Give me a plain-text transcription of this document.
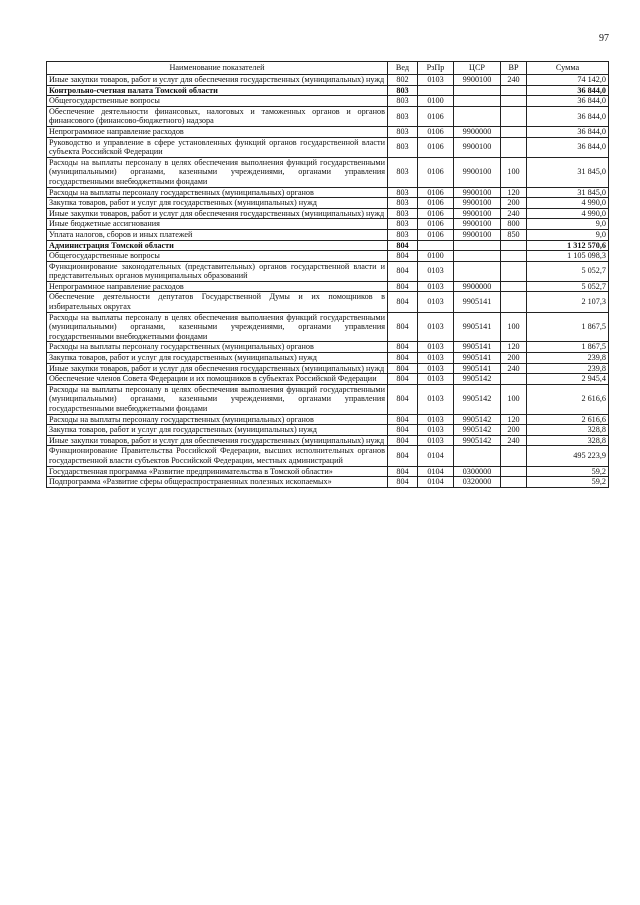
97
Наименование показателей	Вед	РзПр	ЦСР	ВР	Сумма
Иные закупки товаров, работ и услуг для обеспечения государственных (муниципальных) нужд	802	0103	9900100	240	74 142,0
Контрольно-счетная палата Томской области	803				36 844,0
Общегосударственные вопросы	803	0100			36 844,0
Обеспечение деятельности финансовых, налоговых и таможенных органов и органов финансового (финансово-бюджетного) надзора	803	0106			36 844,0
Непрограммное направление расходов	803	0106	9900000		36 844,0
Руководство и управление в сфере установленных функций органов государственной власти субъекта Российской Федерации	803	0106	9900100		36 844,0
Расходы на выплаты персоналу в целях обеспечения выполнения функций государственными (муниципальными) органами, казенными учреждениями, органами управления государственными внебюджетными фондами	803	0106	9900100	100	31 845,0
Расходы на выплаты персоналу государственных (муниципальных) органов	803	0106	9900100	120	31 845,0
Закупка товаров, работ и услуг для государственных (муниципальных) нужд	803	0106	9900100	200	4 990,0
Иные закупки товаров, работ и услуг для обеспечения государственных (муниципальных) нужд	803	0106	9900100	240	4 990,0
Иные бюджетные ассигнования	803	0106	9900100	800	9,0
Уплата налогов, сборов и иных платежей	803	0106	9900100	850	9,0
Администрация Томской области	804				1 312 570,6
Общегосударственные вопросы	804	0100			1 105 098,3
Функционирование законодательных (представительных) органов государственной власти и представительных органов муниципальных образований	804	0103			5 052,7
Непрограммное направление расходов	804	0103	9900000		5 052,7
Обеспечение деятельности депутатов Государственной Думы и их помощников в избирательных округах	804	0103	9905141		2 107,3
Расходы на выплаты персоналу в целях обеспечения выполнения функций государственными (муниципальными) органами, казенными учреждениями, органами управления государственными внебюджетными фондами	804	0103	9905141	100	1 867,5
Расходы на выплаты персоналу государственных (муниципальных) органов	804	0103	9905141	120	1 867,5
Закупка товаров, работ и услуг для государственных (муниципальных) нужд	804	0103	9905141	200	239,8
Иные закупки товаров, работ и услуг для обеспечения государственных (муниципальных) нужд	804	0103	9905141	240	239,8
Обеспечение членов Совета Федерации и их помощников в субъектах Российской Федерации	804	0103	9905142		2 945,4
Расходы на выплаты персоналу в целях обеспечения выполнения функций государственными (муниципальными) органами, казенными учреждениями, органами управления государственными внебюджетными фондами	804	0103	9905142	100	2 616,6
Расходы на выплаты персоналу государственных (муниципальных) органов	804	0103	9905142	120	2 616,6
Закупка товаров, работ и услуг для государственных (муниципальных) нужд	804	0103	9905142	200	328,8
Иные закупки товаров, работ и услуг для обеспечения государственных (муниципальных) нужд	804	0103	9905142	240	328,8
Функционирование Правительства Российской Федерации, высших исполнительных органов государственной власти субъектов Российской Федерации, местных администраций	804	0104			495 223,9
Государственная программа «Развитие предпринимательства в Томской области»	804	0104	0300000		59,2
Подпрограмма «Развитие сферы общераспространенных полезных ископаемых»	804	0104	0320000		59,2
